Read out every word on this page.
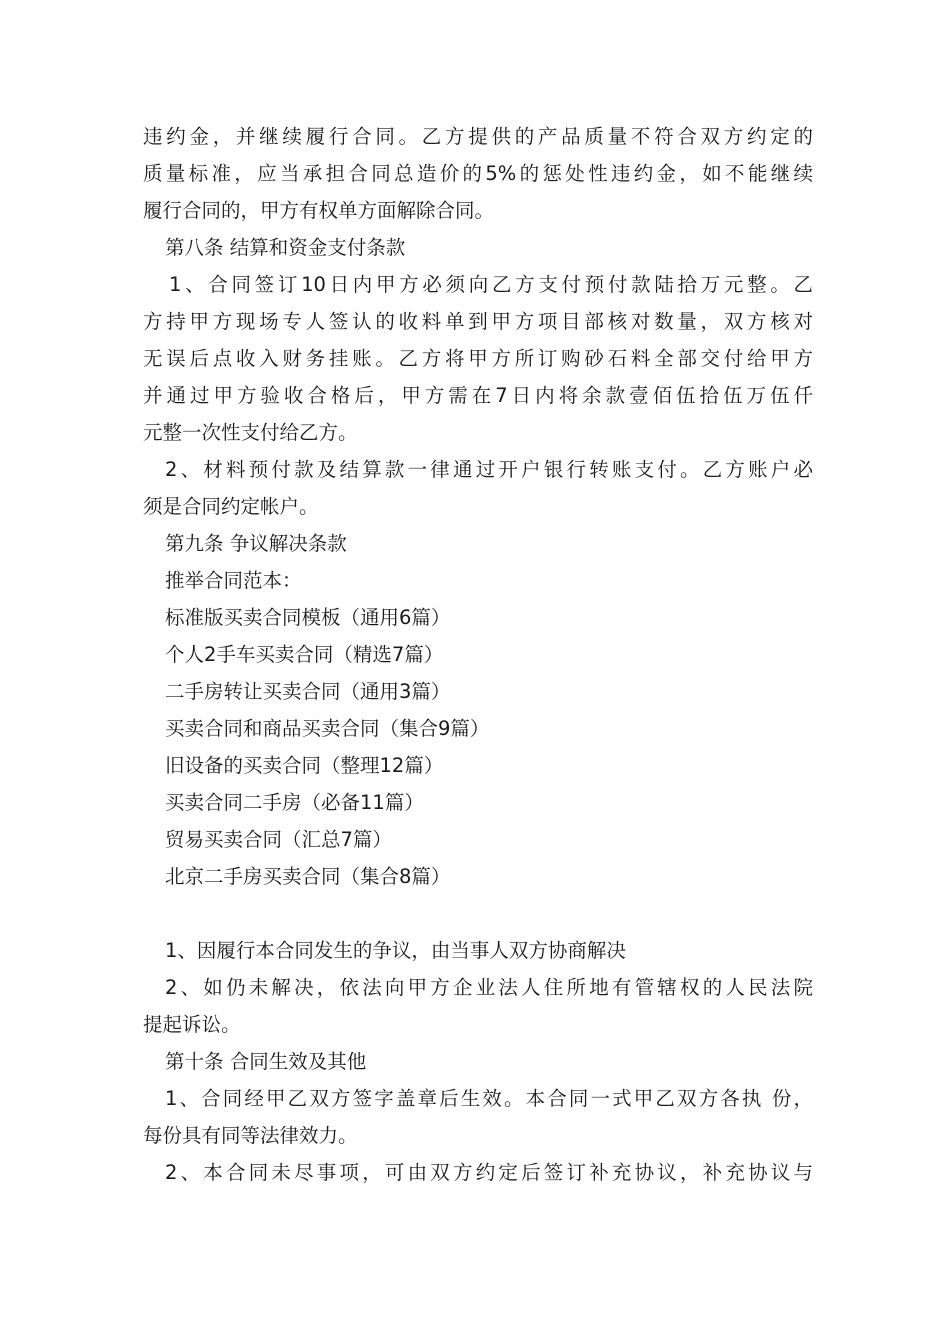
违约金，并继续履行合同。乙方提供的产品质量不符合双方约定的
质量标准，应当承担合同总造价的5%的惩处性违约金，如不能继续
履行合同的，甲方有权单方面解除合同。
第八条 结算和资金支付条款
1、合同签订10日内甲方必须向乙方支付预付款陆拾万元整。乙
方持甲方现场专人签认的收料单到甲方项目部核对数量，双方核对
无误后点收入财务挂账。乙方将甲方所订购砂石料全部交付给甲方
并通过甲方验收合格后，甲方需在7日内将余款壹佰伍拾伍万伍仟
元整一次性支付给乙方。
2、材料预付款及结算款一律通过开户银行转账支付。乙方账户必
须是合同约定帐户。
第九条 争议解决条款
推举合同范本：
标准版买卖合同模板（通用6篇）
个人2手车买卖合同（精选7篇）
二手房转让买卖合同（通用3篇）
买卖合同和商品买卖合同（集合9篇）
旧设备的买卖合同（整理12篇）
买卖合同二手房（必备11篇）
贸易买卖合同（汇总7篇）
北京二手房买卖合同（集合8篇）
1、因履行本合同发生的争议，由当事人双方协商解决
2、如仍未解决，依法向甲方企业法人住所地有管辖权的人民法院
提起诉讼。
第十条 合同生效及其他
1、合同经甲乙双方签字盖章后生效。本合同一式甲乙双方各执 份，
每份具有同等法律效力。
2、本合同未尽事项，可由双方约定后签订补充协议，补充协议与
